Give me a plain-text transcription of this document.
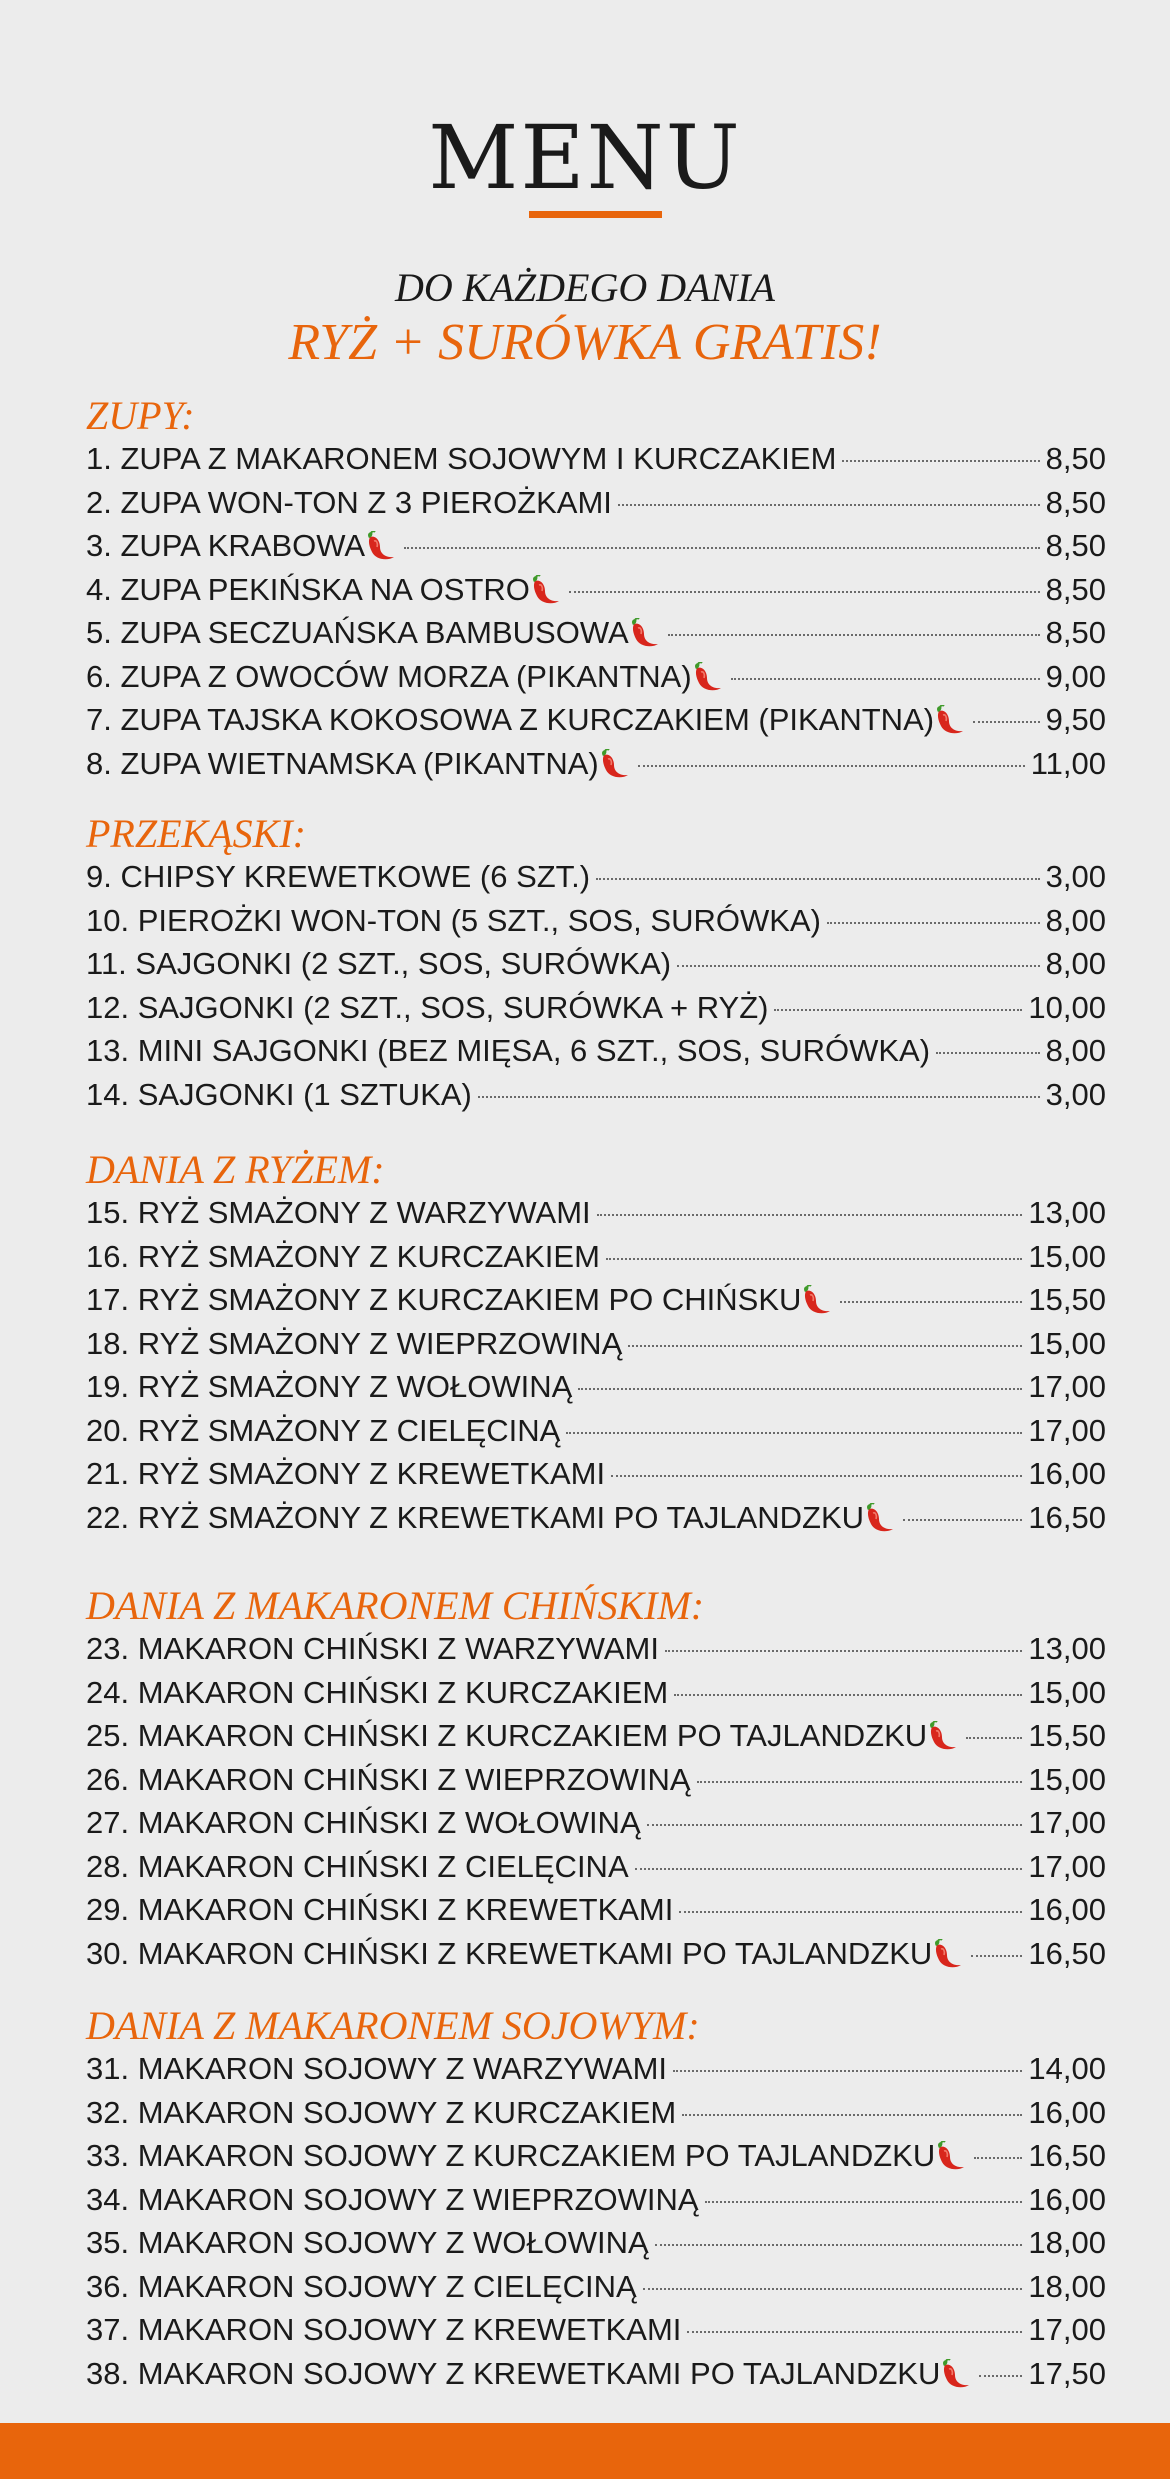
MENU
DO KAŻDEGO DANIA
RYŻ + SURÓWKA GRATIS!
ZUPY:
1. ZUPA Z MAKARONEM SOJOWYM I KURCZAKIEM	8,50
2. ZUPA WON-TON Z 3 PIEROŻKAMI	8,50
3. ZUPA KRABOWA	8,50
4. ZUPA PEKIŃSKA NA OSTRO	8,50
5. ZUPA SECZUAŃSKA BAMBUSOWA	8,50
6. ZUPA Z OWOCÓW MORZA (PIKANTNA)	9,00
7. ZUPA TAJSKA KOKOSOWA Z KURCZAKIEM (PIKANTNA)	9,50
8. ZUPA WIETNAMSKA (PIKANTNA)	11,00
PRZEKĄSKI:
9. CHIPSY KREWETKOWE (6 SZT.)	3,00
10. PIEROŻKI WON-TON (5 SZT., SOS, SURÓWKA)	8,00
11. SAJGONKI (2 SZT., SOS, SURÓWKA)	8,00
12. SAJGONKI (2 SZT., SOS, SURÓWKA + RYŻ)	10,00
13. MINI SAJGONKI (BEZ MIĘSA, 6 SZT., SOS, SURÓWKA)	8,00
14. SAJGONKI (1 SZTUKA)	3,00
DANIA Z RYŻEM:
15. RYŻ SMAŻONY Z WARZYWAMI	13,00
16. RYŻ SMAŻONY Z KURCZAKIEM	15,00
17. RYŻ SMAŻONY Z KURCZAKIEM PO CHIŃSKU	15,50
18. RYŻ SMAŻONY Z WIEPRZOWINĄ	15,00
19. RYŻ SMAŻONY Z WOŁOWINĄ	17,00
20. RYŻ SMAŻONY Z CIELĘCINĄ	17,00
21. RYŻ SMAŻONY Z KREWETKAMI	16,00
22. RYŻ SMAŻONY Z KREWETKAMI PO TAJLANDZKU	16,50
DANIA Z MAKARONEM CHIŃSKIM:
23. MAKARON CHIŃSKI Z WARZYWAMI	13,00
24. MAKARON CHIŃSKI Z KURCZAKIEM	15,00
25. MAKARON CHIŃSKI Z KURCZAKIEM PO TAJLANDZKU	15,50
26. MAKARON CHIŃSKI Z WIEPRZOWINĄ	15,00
27. MAKARON CHIŃSKI Z WOŁOWINĄ	17,00
28. MAKARON CHIŃSKI Z CIELĘCINA	17,00
29. MAKARON CHIŃSKI Z KREWETKAMI	16,00
30. MAKARON CHIŃSKI Z KREWETKAMI PO TAJLANDZKU	16,50
DANIA Z MAKARONEM SOJOWYM:
31. MAKARON SOJOWY Z WARZYWAMI	14,00
32. MAKARON SOJOWY Z KURCZAKIEM	16,00
33. MAKARON SOJOWY Z KURCZAKIEM PO TAJLANDZKU	16,50
34. MAKARON SOJOWY Z WIEPRZOWINĄ	16,00
35. MAKARON SOJOWY Z WOŁOWINĄ	18,00
36. MAKARON SOJOWY Z CIELĘCINĄ	18,00
37. MAKARON SOJOWY Z KREWETKAMI	17,00
38. MAKARON SOJOWY Z KREWETKAMI PO TAJLANDZKU	17,50
